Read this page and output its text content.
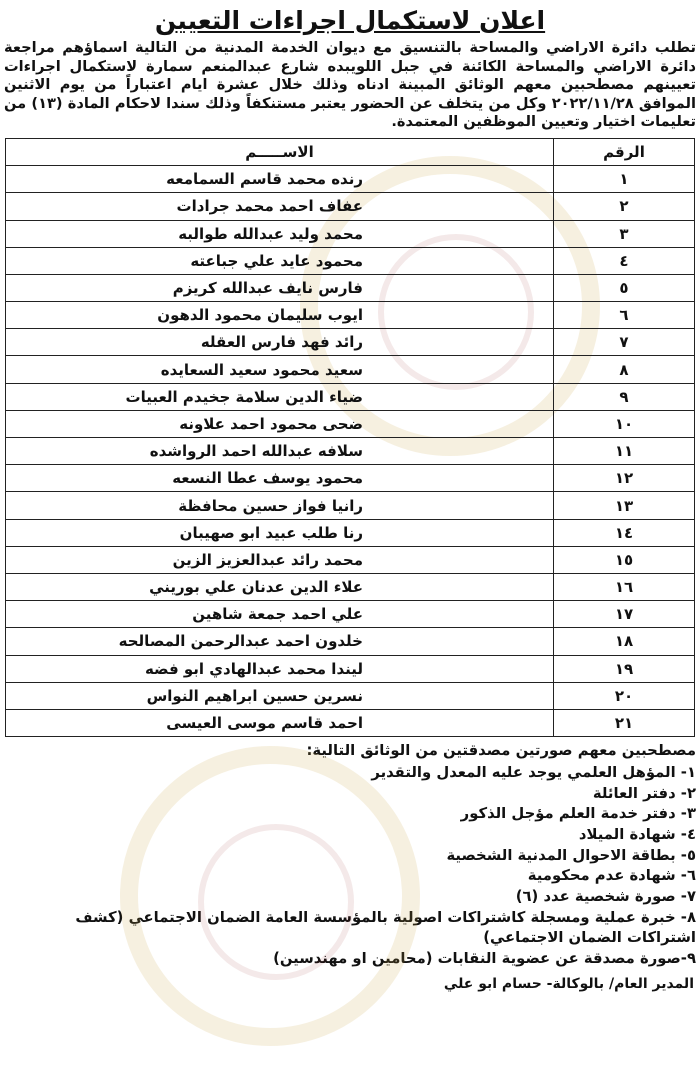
اعلان لاستكمال اجراءات التعيين
تطلب دائرة الاراضي والمساحة بالتنسيق مع ديوان الخدمة المدنية من التالية اسماؤهم مراجعة دائرة الاراضي والمساحة الكائنة في جبل اللويبده شارع عبدالمنعم سمارة لاستكمال اجراءات تعيينهم مصطحبين معهم الوثائق المبينة ادناه وذلك خلال عشرة ايام اعتباراً من يوم الاثنين الموافق ٢٠٢٢/١١/٢٨ وكل من يتخلف عن الحضور يعتبر مستنكفاً وذلك سندا لاحكام المادة (١٣) من تعليمات اختيار وتعيين الموظفين المعتمدة.
الرقم	الاســـــم
١	رنده محمد قاسم السمامعه
٢	عفاف احمد محمد جرادات
٣	محمد وليد عبدالله طوالبه
٤	محمود عايد علي جباعته
٥	فارس نايف عبدالله كريزم
٦	ايوب سليمان محمود الدهون
٧	رائد فهد فارس العقله
٨	سعيد محمود سعيد السعايده
٩	ضياء الدين سلامة جخيدم العبيات
١٠	ضحى محمود احمد علاونه
١١	سلافه عبدالله احمد الرواشده
١٢	محمود يوسف عطا النسعه
١٣	رانيا فواز حسين محافظة
١٤	رنا طلب عبيد ابو صهيبان
١٥	محمد رائد عبدالعزيز الزين
١٦	علاء الدين عدنان علي بوريني
١٧	علي احمد جمعة شاهين
١٨	خلدون احمد عبدالرحمن المصالحه
١٩	ليندا محمد عبدالهادي ابو فضه
٢٠	نسرين حسين ابراهيم النواس
٢١	احمد قاسم موسى العيسى
مصطحبين معهم صورتين مصدقتين من الوثائق التالية:
١- المؤهل العلمي يوجد عليه المعدل والتقدير
٢- دفتر العائلة
٣- دفتر خدمة العلم مؤجل الذكور
٤- شهادة الميلاد
٥- بطاقة الاحوال المدنية الشخصية
٦- شهادة عدم محكومية
٧- صورة شخصية عدد (٦)
٨- خبرة عملية ومسجلة كاشتراكات اصولية بالمؤسسة العامة الضمان الاجتماعي (كشف اشتراكات الضمان الاجتماعي)
٩-صورة مصدقة عن عضوية النقابات (محامين او مهندسين)
المدير العام/ بالوكالة- حسام ابو علي
